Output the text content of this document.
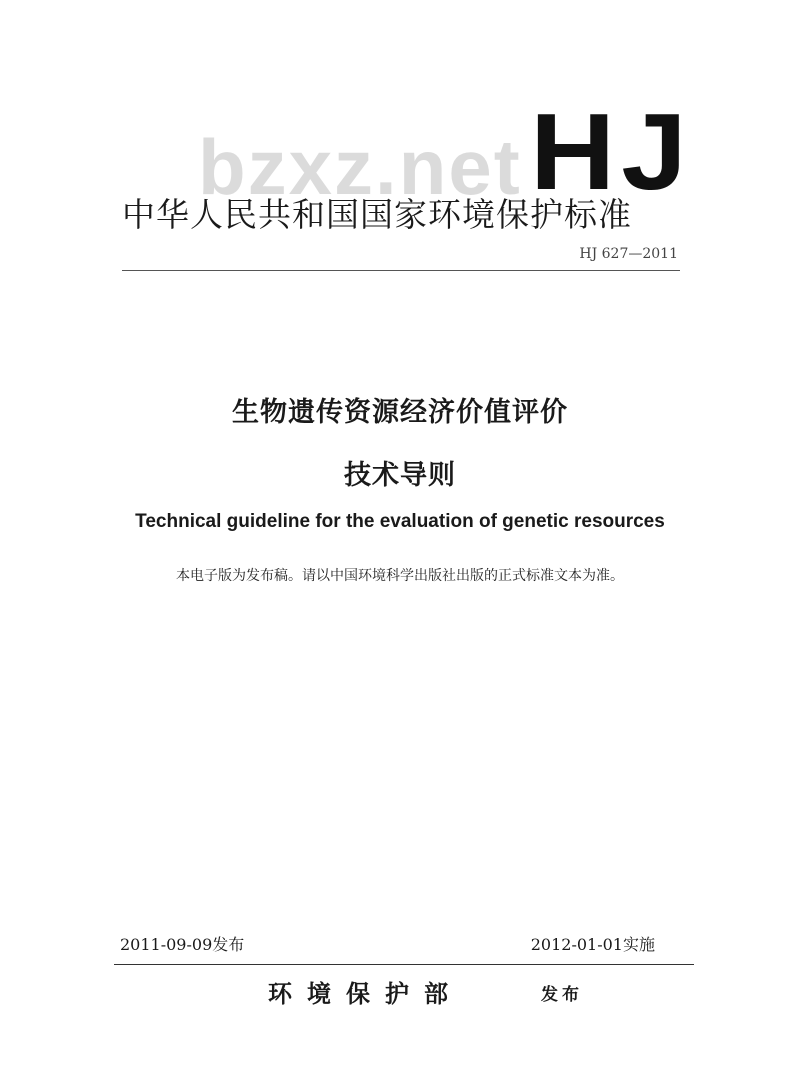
bzxz.net HJ
中华人民共和国国家环境保护标准
HJ 627—2011
生物遗传资源经济价值评价
技术导则
Technical guideline for the evaluation of genetic resources
本电子版为发布稿。请以中国环境科学出版社出版的正式标准文本为准。
2011-09-09发布	2012-01-01实施
环境保护部	发布
